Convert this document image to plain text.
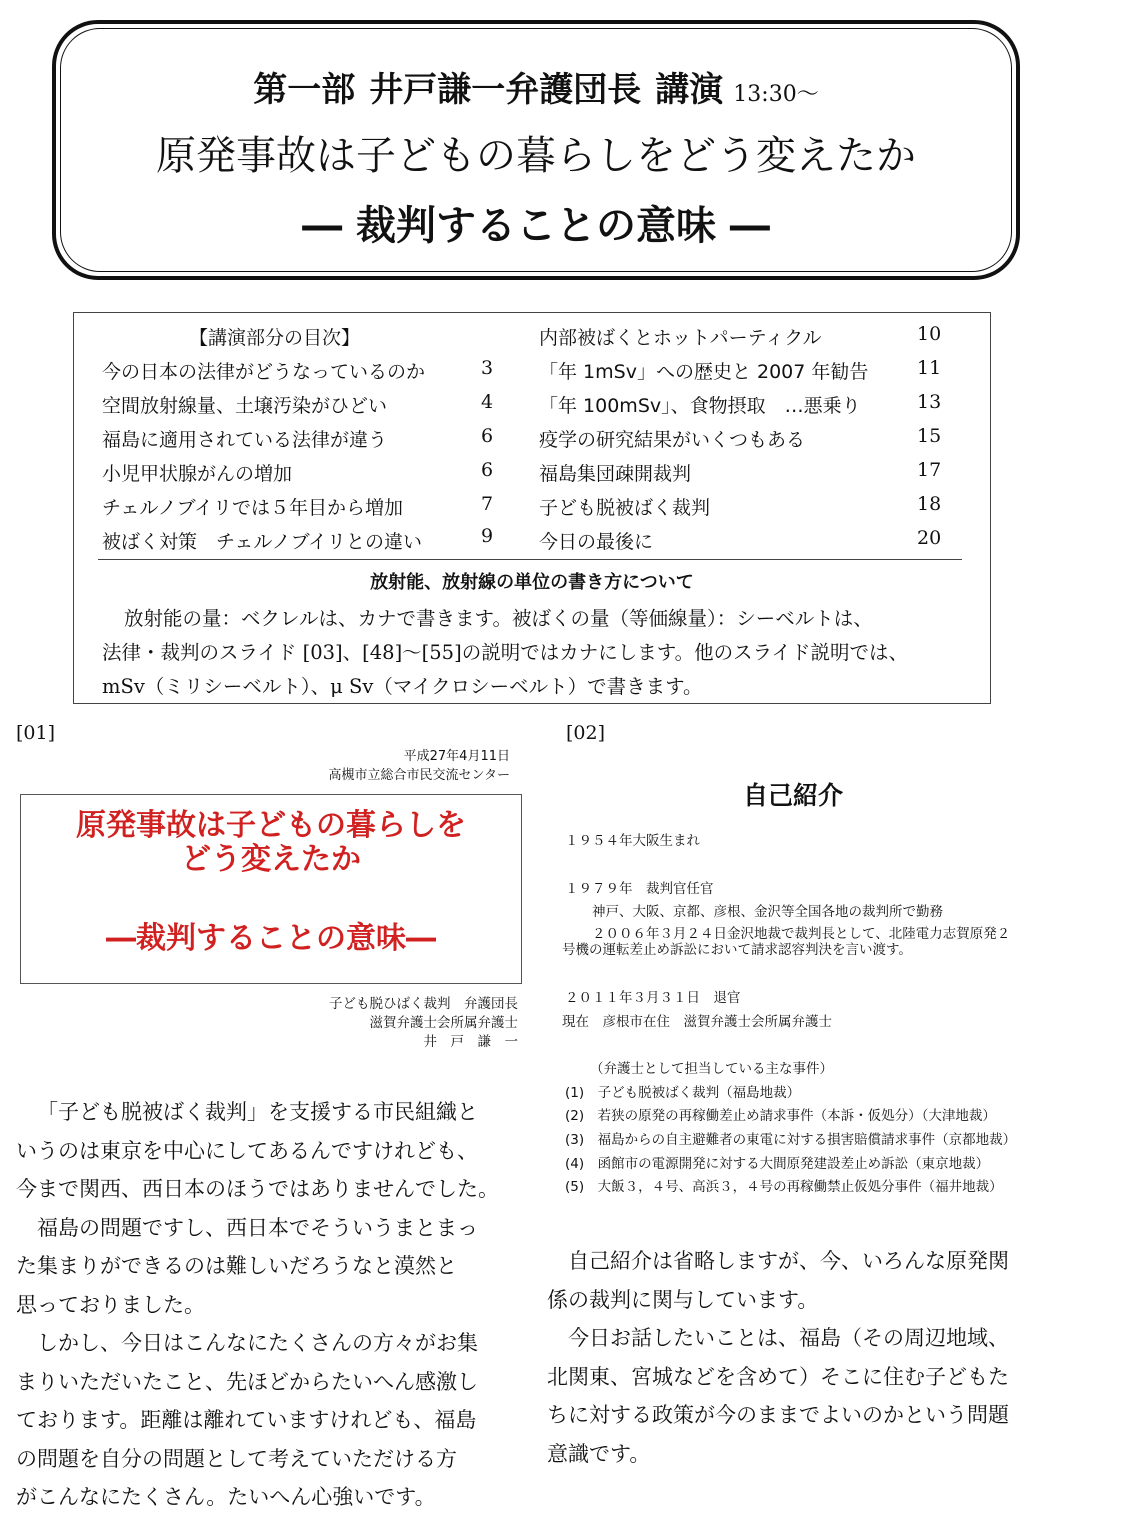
第一部 井戸謙一弁護団長 講演 13:30～
原発事故は子どもの暮らしをどう変えたか
― 裁判することの意味 ―
【講演部分の目次】
今の日本の法律がどうなっているのか	3
空間放射線量、土壌汚染がひどい	4
福島に適用されている法律が違う	6
小児甲状腺がんの増加	6
チェルノブイリでは５年目から増加	7
被ばく対策　チェルノブイリとの違い	9
内部被ばくとホットパーティクル	10
「年 1mSv」への歴史と 2007 年勧告	11
「年 100mSv」、食物摂取　…悪乗り	13
疫学の研究結果がいくつもある	15
福島集団疎開裁判	17
子ども脱被ばく裁判	18
今日の最後に	20
放射能、放射線の単位の書き方について
放射能の量：ベクレルは、カナで書きます。被ばくの量（等価線量）：シーベルトは、
法律・裁判のスライド [03]、[48]～[55]の説明ではカナにします。他のスライド説明では、
mSv（ミリシーベルト）、μ Sv（マイクロシーベルト）で書きます。
[01]	[02]
平成27年4月11日
高槻市立総合市民交流センター
原発事故は子どもの暮らしを
どう変えたか
―裁判することの意味―
子ども脱ひばく裁判　弁護団長
滋賀弁護士会所属弁護士
井　戸　謙　一
自己紹介
１９５４年大阪生まれ
１９７９年　裁判官任官
神戸、大阪、京都、彦根、金沢等全国各地の裁判所で勤務
２００６年３月２４日金沢地裁で裁判長として、北陸電力志賀原発２
号機の運転差止め訴訟において請求認容判決を言い渡す。
２０１１年３月３１日　退官
現在　彦根市在住　滋賀弁護士会所属弁護士
（弁護士として担当している主な事件）
(1)　子ども脱被ばく裁判（福島地裁）
(2)　若狭の原発の再稼働差止め請求事件（本訴・仮処分）（大津地裁）
(3)　福島からの自主避難者の東電に対する損害賠償請求事件（京都地裁）
(4)　函館市の電源開発に対する大間原発建設差止め訴訟（東京地裁）
(5)　大飯３，４号、高浜３，４号の再稼働禁止仮処分事件（福井地裁）

「子ども脱被ばく裁判」を支援する市民組織と

いうのは東京を中心にしてあるんですけれども、

今まで関西、西日本のほうではありませんでした。

福島の問題ですし、西日本でそういうまとまっ

た集まりができるのは難しいだろうなと漠然と

思っておりました。

しかし、今日はこんなにたくさんの方々がお集

まりいただいたこと、先ほどからたいへん感激し

ております。距離は離れていますけれども、福島

の問題を自分の問題として考えていただける方

がこんなにたくさん。たいへん心強いです。

自己紹介は省略しますが、今、いろんな原発関

係の裁判に関与しています。

今日お話したいことは、福島（その周辺地域、

北関東、宮城などを含めて）そこに住む子どもた

ちに対する政策が今のままでよいのかという問題

意識です。
